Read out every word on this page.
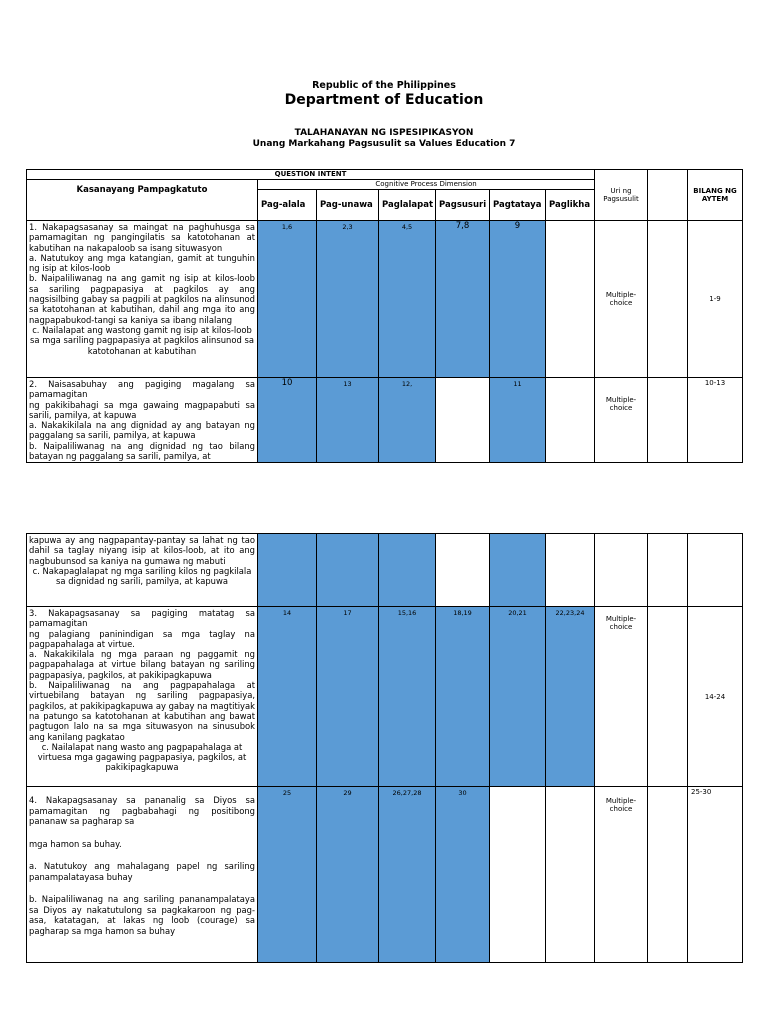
Republic of the Philippines
Department of Education
TALAHANAYAN NG ISPESIPIKASYON
Unang Markahang Pagsusulit sa Values Education 7
QUESTION INTENT							Uri ng Pagsusulit		BILANG NG AYTEM
Kasanayang Pampagkatuto	Cognitive Process Dimension								
	Pag-alala	Pag-unawa	Paglalapat	Pagsusuri	Pagtataya	Paglikha			

1. Nakapagsasanay sa maingat na paghuhusga sa pamamagitan ng pangingilatis sa katotohanan at kabutihan na nakapaloob sa isang situwasyon
a. Natutukoy ang mga katangian, gamit at tunguhin ng isip at kilos-loob
b. Naipaliliwanag na ang gamit ng isip at kilos-loob sa sariling pagpapasiya at pagkilos ay ang nagsisilbing gabay sa pagpili at pagkilos na alinsunod sa katotohanan at kabutihan, dahil ang mga ito ang nagpapabukod-tangi sa kaniya sa ibang nilalang
c. Nailalapat ang wastong gamit ng isip at kilos-loob sa mga sariling pagpapasiya at pagkilos alinsunod sa katotohanan at kabutihan	1,6	2,3	4,5	7,8	9		Multiple-choice		1-9

2. Naisasabuhay ang pagiging magalang sa pamamagitan
ng pakikibahagi sa mga gawaing magpapabuti sa sarili, pamilya, at kapuwa
a. Nakakikilala na ang dignidad ay ang batayan ng paggalang sa sarili, pamilya, at kapuwa
b. Naipaliliwanag na ang dignidad ng tao bilang batayan ng paggalang sa sarili, pamilya, at	10	13	12,		11		Multiple-choice		10-13
kapuwa ay ang nagpapantay-pantay sa lahat ng tao dahil sa taglay niyang isip at kilos-loob, at ito ang nagbubunsod sa kaniya na gumawa ng mabuti
c. Nakapaglalapat ng mga sariling kilos ng pagkilala sa dignidad ng sarili, pamilya, at kapuwa									

3. Nakapagsasanay sa pagiging matatag sa pamamagitan
ng palagiang paninindigan sa mga taglay na pagpapahalaga at virtue.
a. Nakakikilala ng mga paraan ng paggamit ng pagpapahalaga at virtue bilang batayan ng sariling pagpapasiya, pagkilos, at pakikipagkapuwa
b. Naipaliliwanag na ang pagpapahalaga at virtuebilang batayan ng sariling pagpapasiya, pagkilos, at pakikipagkapuwa ay gabay na magtitiyak na patungo sa katotohanan at kabutihan ang bawat pagtugon lalo na sa mga situwasyon na sinusubok ang kanilang pagkatao
c. Nailalapat nang wasto ang pagpapahalaga at virtuesa mga gagawing pagpapasiya, pagkilos, at pakikipagkapuwa	14	17	15,16	18,19	20,21	22,23,24	Multiple-choice		14-24

4. Nakapagsasanay sa pananalig sa Diyos sa pamamagitan ng pagbabahagi ng positibong pananaw sa pagharap sa
mga hamon sa buhay.
a. Natutukoy ang mahalagang papel ng sariling panampalatayasa buhay
b. Naipaliliwanag na ang sariling pananampalataya sa Diyos ay nakatutulong sa pagkakaroon ng pag-asa, katatagan, at lakas ng loob (courage) sa pagharap sa mga hamon sa buhay	25	29	26,27,28	30			Multiple-choice		25-30
